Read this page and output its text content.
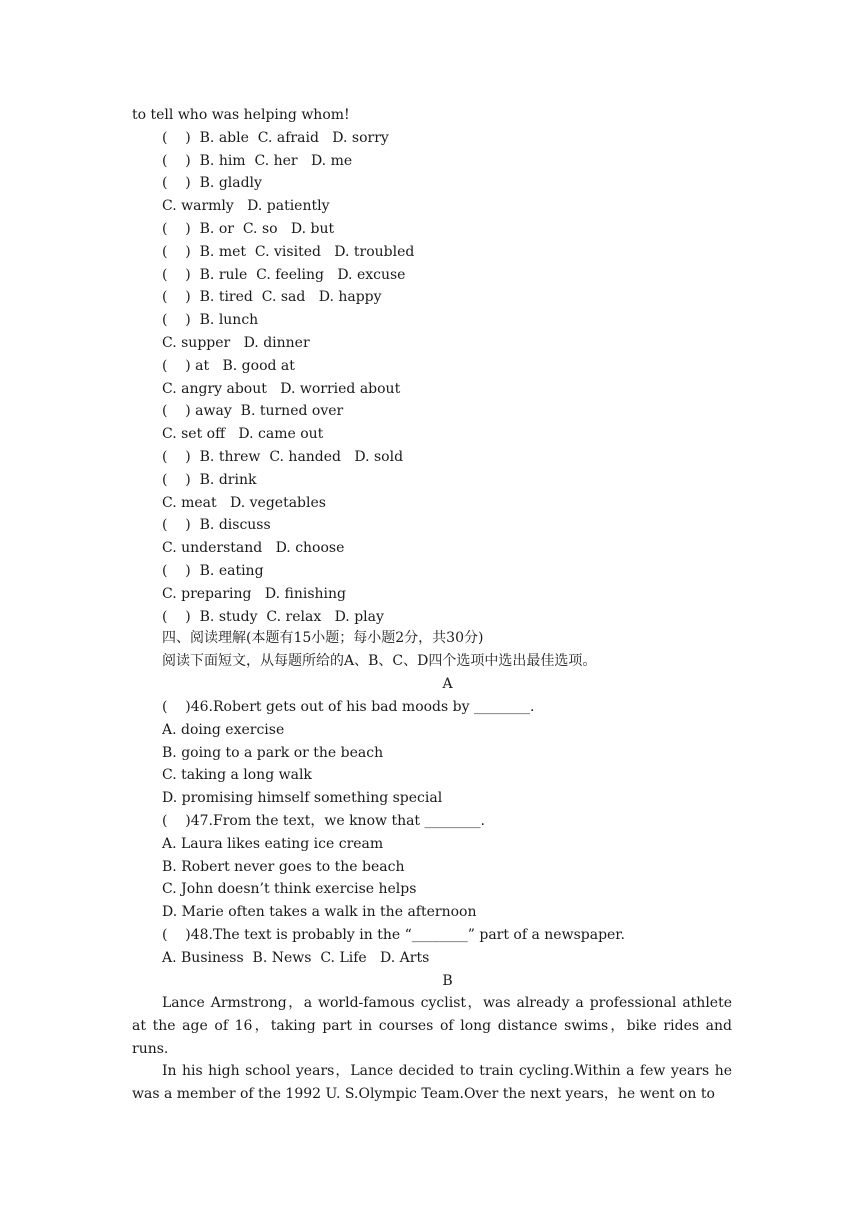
to tell who was helping whom!
(    )  B. able  C. afraid   D. sorry
(    )  B. him  C. her   D. me
(    )  B. gladly
C. warmly   D. patiently
(    )  B. or  C. so   D. but
(    )  B. met  C. visited   D. troubled
(    )  B. rule  C. feeling   D. excuse
(    )  B. tired  C. sad   D. happy
(    )  B. lunch
C. supper   D. dinner
(    ) at   B. good at
C. angry about   D. worried about
(    ) away  B. turned over
C. set off   D. came out
(    )  B. threw  C. handed   D. sold
(    )  B. drink
C. meat   D. vegetables
(    )  B. discuss
C. understand   D. choose
(    )  B. eating
C. preparing   D. finishing
(    )  B. study  C. relax   D. play
四、阅读理解(本题有15小题；每小题2分，共30分)
阅读下面短文，从每题所给的A、B、C、D四个选项中选出最佳选项。
A
(    )46.Robert gets out of his bad moods by ________.
A. doing exercise
B. going to a park or the beach
C. taking a long walk
D. promising himself something special
(    )47.From the text，we know that ________.
A. Laura likes eating ice cream
B. Robert never goes to the beach
C. John doesn’t think exercise helps
D. Marie often takes a walk in the afternoon
(    )48.The text is probably in the “________” part of a newspaper.
A. Business  B. News  C. Life   D. Arts
B
Lance Armstrong，a world-famous cyclist，was already a professional athlete at the age of 16，taking part in courses of long distance swims，bike rides and runs.
In his high school years，Lance decided to train cycling.Within a few years he was a member of the 1992 U. S.Olympic Team.Over the next years，he went on to
